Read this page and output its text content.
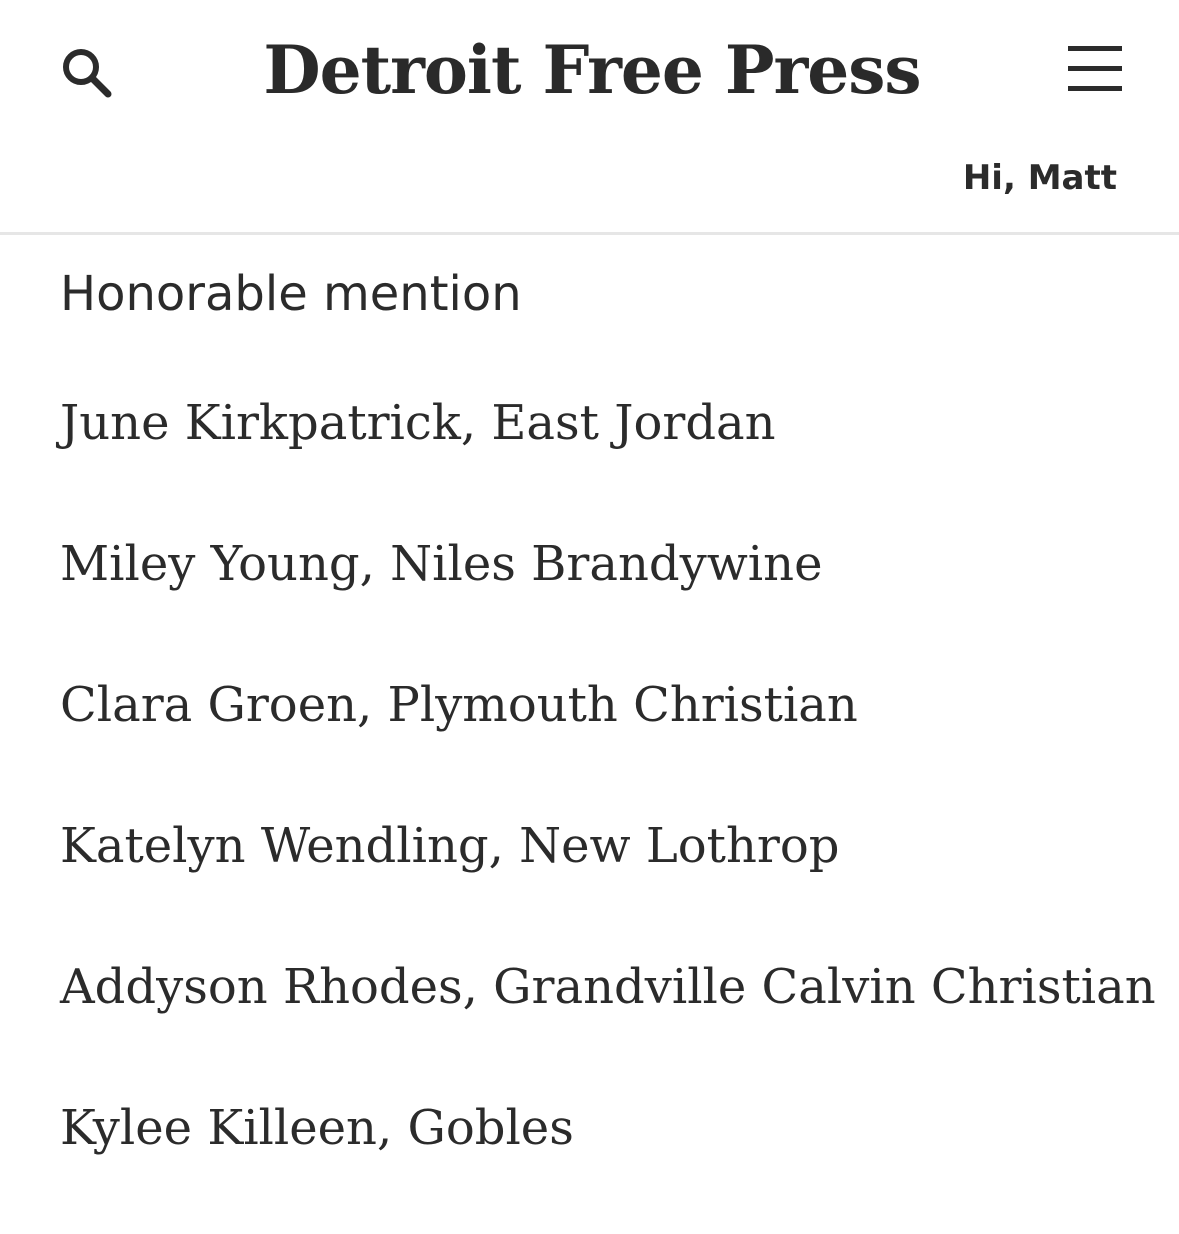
Detroit Free Press
Hi, Matt
Honorable mention
June Kirkpatrick, East Jordan
Miley Young, Niles Brandywine
Clara Groen, Plymouth Christian
Katelyn Wendling, New Lothrop
Addyson Rhodes, Grandville Calvin Christian
Kylee Killeen, Gobles
